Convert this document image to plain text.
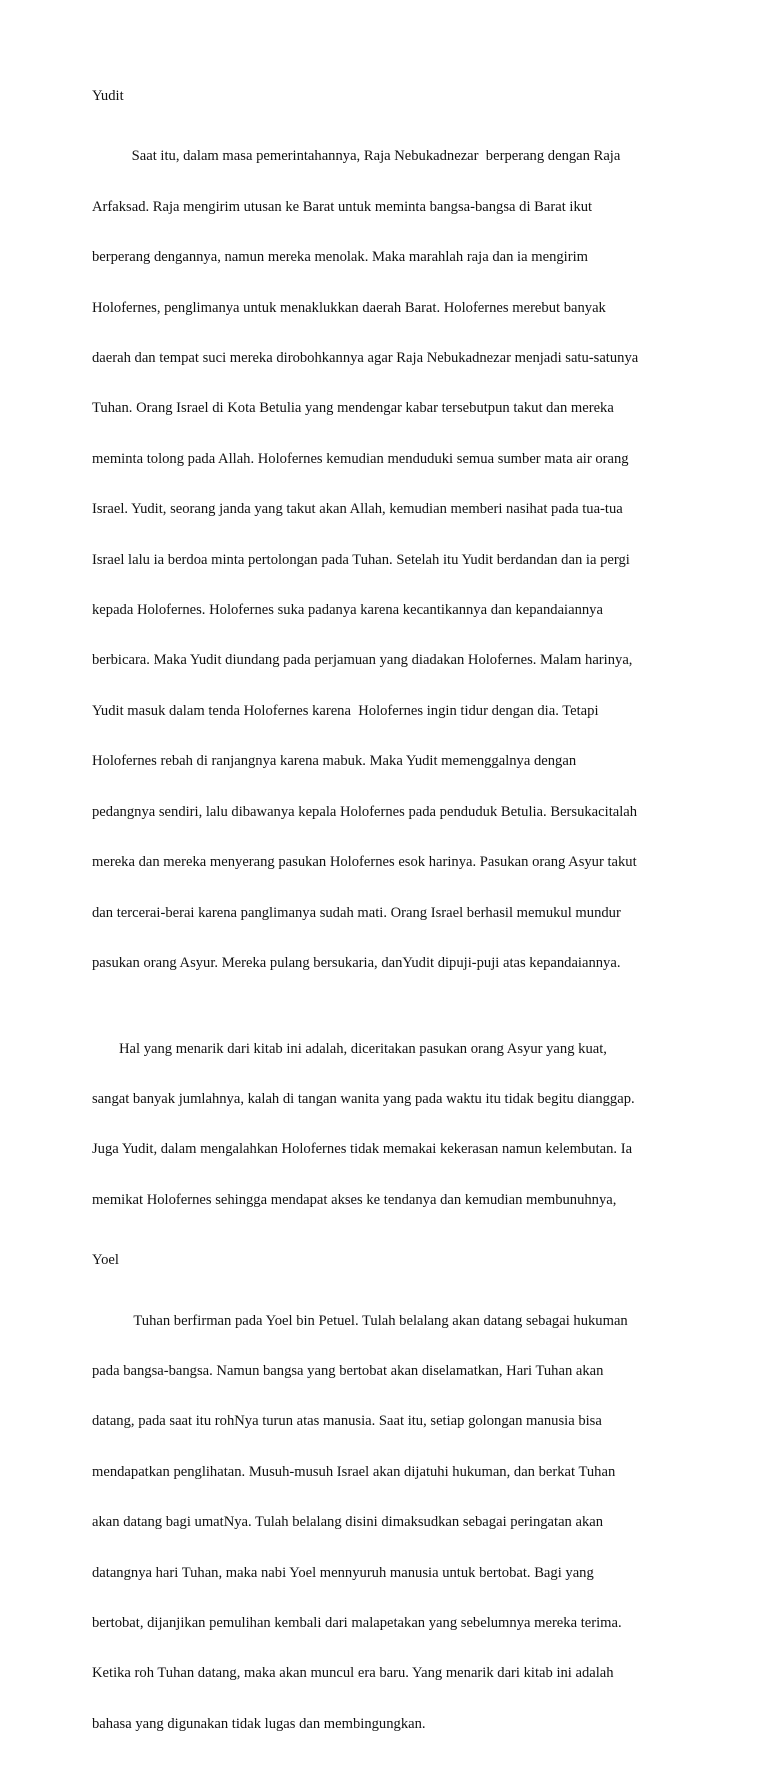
Yudit

Saat itu, dalam masa pemerintahannya, Raja Nebukadnezar  berperang dengan Raja

Arfaksad. Raja mengirim utusan ke Barat untuk meminta bangsa-bangsa di Barat ikut

berperang dengannya, namun mereka menolak. Maka marahlah raja dan ia mengirim

Holofernes, penglimanya untuk menaklukkan daerah Barat. Holofernes merebut banyak

daerah dan tempat suci mereka dirobohkannya agar Raja Nebukadnezar menjadi satu-satunya

Tuhan. Orang Israel di Kota Betulia yang mendengar kabar tersebutpun takut dan mereka

meminta tolong pada Allah. Holofernes kemudian menduduki semua sumber mata air orang

Israel. Yudit, seorang janda yang takut akan Allah, kemudian memberi nasihat pada tua-tua

Israel lalu ia berdoa minta pertolongan pada Tuhan. Setelah itu Yudit berdandan dan ia pergi

kepada Holofernes. Holofernes suka padanya karena kecantikannya dan kepandaiannya

berbicara. Maka Yudit diundang pada perjamuan yang diadakan Holofernes. Malam harinya,

Yudit masuk dalam tenda Holofernes karena  Holofernes ingin tidur dengan dia. Tetapi

Holofernes rebah di ranjangnya karena mabuk. Maka Yudit memenggalnya dengan

pedangnya sendiri, lalu dibawanya kepala Holofernes pada penduduk Betulia. Bersukacitalah

mereka dan mereka menyerang pasukan Holofernes esok harinya. Pasukan orang Asyur takut

dan tercerai-berai karena panglimanya sudah mati. Orang Israel berhasil memukul mundur

pasukan orang Asyur. Mereka pulang bersukaria, danYudit dipuji-puji atas kepandaiannya.

Hal yang menarik dari kitab ini adalah, diceritakan pasukan orang Asyur yang kuat,

sangat banyak jumlahnya, kalah di tangan wanita yang pada waktu itu tidak begitu dianggap.

Juga Yudit, dalam mengalahkan Holofernes tidak memakai kekerasan namun kelembutan. Ia

memikat Holofernes sehingga mendapat akses ke tendanya dan kemudian membunuhnya,

Yoel

Tuhan berfirman pada Yoel bin Petuel. Tulah belalang akan datang sebagai hukuman

pada bangsa-bangsa. Namun bangsa yang bertobat akan diselamatkan, Hari Tuhan akan

datang, pada saat itu rohNya turun atas manusia. Saat itu, setiap golongan manusia bisa

mendapatkan penglihatan. Musuh-musuh Israel akan dijatuhi hukuman, dan berkat Tuhan

akan datang bagi umatNya. Tulah belalang disini dimaksudkan sebagai peringatan akan

datangnya hari Tuhan, maka nabi Yoel mennyuruh manusia untuk bertobat. Bagi yang

bertobat, dijanjikan pemulihan kembali dari malapetakan yang sebelumnya mereka terima.

Ketika roh Tuhan datang, maka akan muncul era baru. Yang menarik dari kitab ini adalah

bahasa yang digunakan tidak lugas dan membingungkan.
